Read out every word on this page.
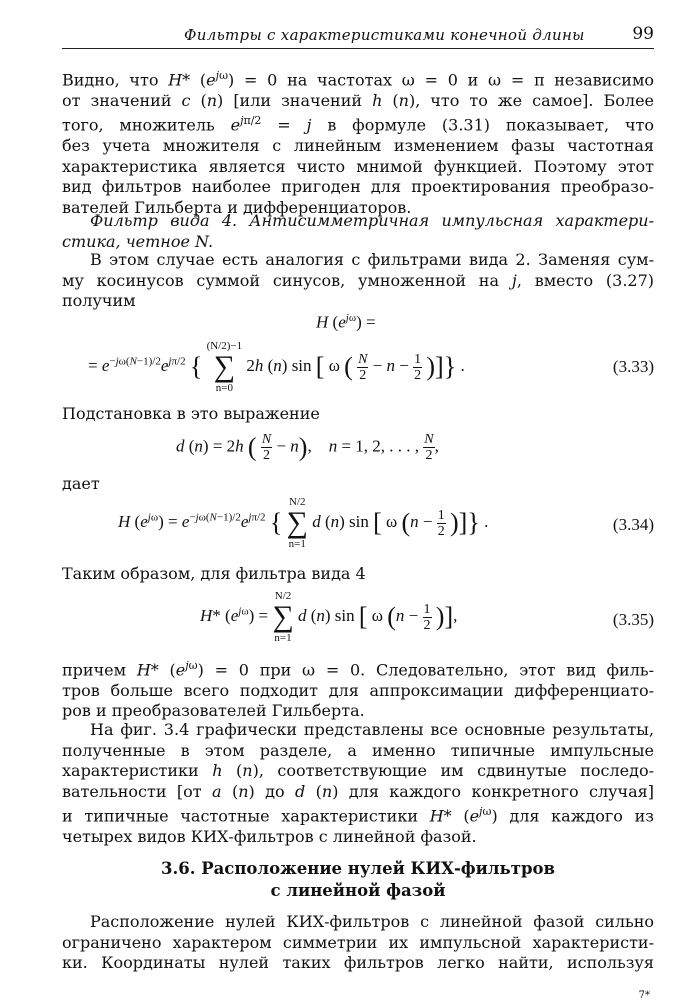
Фильтры с характеристиками конечной длины	99
Видно, что H* $(e^{j\omega}) = 0$ на частотах ω = 0 и ω = π независимо
от значений c (n) [или значений h (n), что то же самое]. Более
того, множитель $e^{j\pi/2} = j$ в формуле (3.31) показывает, что
без учета множителя с линейным изменением фазы частотная
характеристика является чисто мнимой функцией. Поэтому этот
вид фильтров наиболее пригоден для проектирования преобразо-
вателей Гильберта и дифференциаторов.
Фильтр вида 4. Антисимметричная импульсная характери-
стика, четное N.
В этом случае есть аналогия с фильтрами вида 2. Заменяя сум-
му косинусов суммой синусов, умноженной на j, вместо (3.27)
получим
H $(e^{j\omega})$ =
= $e^{-j\omega(N-1)/2}e^{j\pi/2}$ {
(N/2)−1
∑
n=0
2h (n) sin [ ω ( $\frac{N}{2} - n - \frac{1}{2}$ )]} .	(3.33)
Подстановка в это выражение
d (n) = 2h ( $\frac{N}{2} - n$),    n = 1, 2, . . . , $\frac{N}{2}$ ,
дает
H $(e^{j\omega}) = e^{-j\omega(N-1)/2}e^{j\pi/2}$ {
N/2
∑
n=1
d (n) sin [ ω ($n - \frac{1}{2}$ )]} .	(3.34)
Таким образом, для фильтра вида 4
H* $(e^{j\omega})$ =
N/2
∑
n=1
d (n) sin [ ω ($n - \frac{1}{2}$ )],	(3.35)
причем H* $(e^{j\omega}) = 0$ при ω = 0. Следовательно, этот вид филь-
тров больше всего подходит для аппроксимации дифференциато-
ров и преобразователей Гильберта.
На фиг. 3.4 графически представлены все основные результаты,
полученные в этом разделе, а именно типичные импульсные
характеристики h (n), соответствующие им сдвинутые последо-
вательности [от a (n) до d (n) для каждого конкретного случая]
и типичные частотные характеристики H* $(e^{j\omega})$ для каждого из
четырех видов КИХ-фильтров с линейной фазой.
3.6. Расположение нулей КИХ-фильтров
с линейной фазой
Расположение нулей КИХ-фильтров с линейной фазой сильно
ограничено характером симметрии их импульсной характеристи-
ки. Координаты нулей таких фильтров легко найти, используя
7*
